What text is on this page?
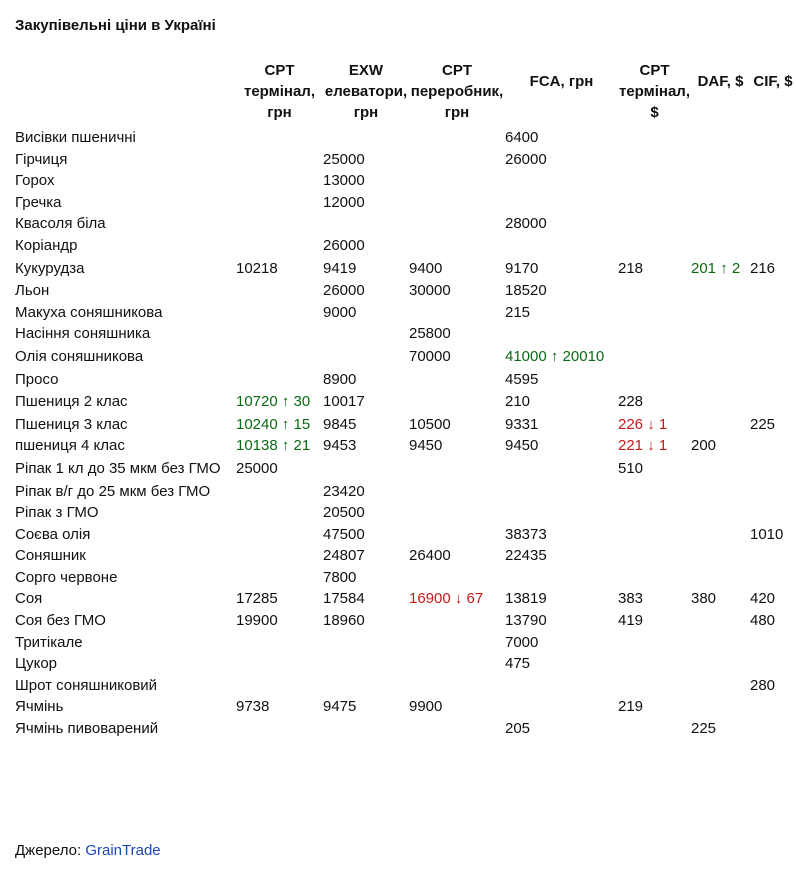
Закупівельні ціни в Україні
	CPT термінал, грн	EXW елеватори, грн	CPT переробник, грн	FCA, грн	CPT термінал, $	DAF, $	CIF, $
Висівки пшеничні				6400			
Гірчиця		25000		26000			
Горох		13000					
Гречка		12000					
Квасоля біла				28000			
Коріандр		26000					
Кукурудза	10218	9419	9400	9170	218	201 ↑ 2	216
Льон		26000	30000	18520			
Макуха соняшникова		9000		215			
Насіння соняшника			25800				
Олія соняшникова			70000	41000 ↑ 20010			
Просо		8900		4595			
Пшениця 2 клас	10720 ↑ 30	10017		210	228		
Пшениця 3 клас	10240 ↑ 15	9845	10500	9331	226 ↓ 1		225
пшениця 4 клас	10138 ↑ 21	9453	9450	9450	221 ↓ 1	200	
Ріпак 1 кл до 35 мкм без ГМО	25000				510		
Ріпак в/г до 25 мкм без ГМО		23420					
Ріпак з ГМО		20500					
Соєва олія		47500		38373			1010
Соняшник		24807	26400	22435			
Сорго червоне		7800					
Соя	17285	17584	16900 ↓ 67	13819	383	380	420
Соя без ГМО	19900	18960		13790	419		480
Тритікале				7000			
Цукор				475			
Шрот соняшниковий							280
Ячмінь	9738	9475	9900		219		
Ячмінь пивоварений				205		225	
Джерело: GrainTrade
